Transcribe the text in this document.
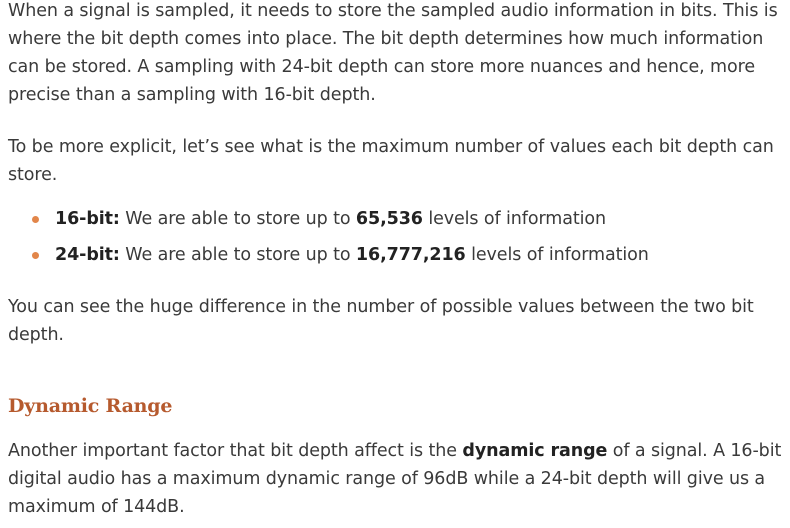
When a signal is sampled, it needs to store the sampled audio information in bits. This is where the bit depth comes into place. The bit depth determines how much information can be stored. A sampling with 24-bit depth can store more nuances and hence, more precise than a sampling with 16-bit depth.

To be more explicit, let’s see what is the maximum number of values each bit depth can store.

16-bit: We are able to store up to 65,536 levels of information
24-bit: We are able to store up to 16,777,216 levels of information

You can see the huge difference in the number of possible values between the two bit depth.

Dynamic Range

Another important factor that bit depth affect is the dynamic range of a signal. A 16-bit digital audio has a maximum dynamic range of 96dB while a 24-bit depth will give us a maximum of 144dB.
